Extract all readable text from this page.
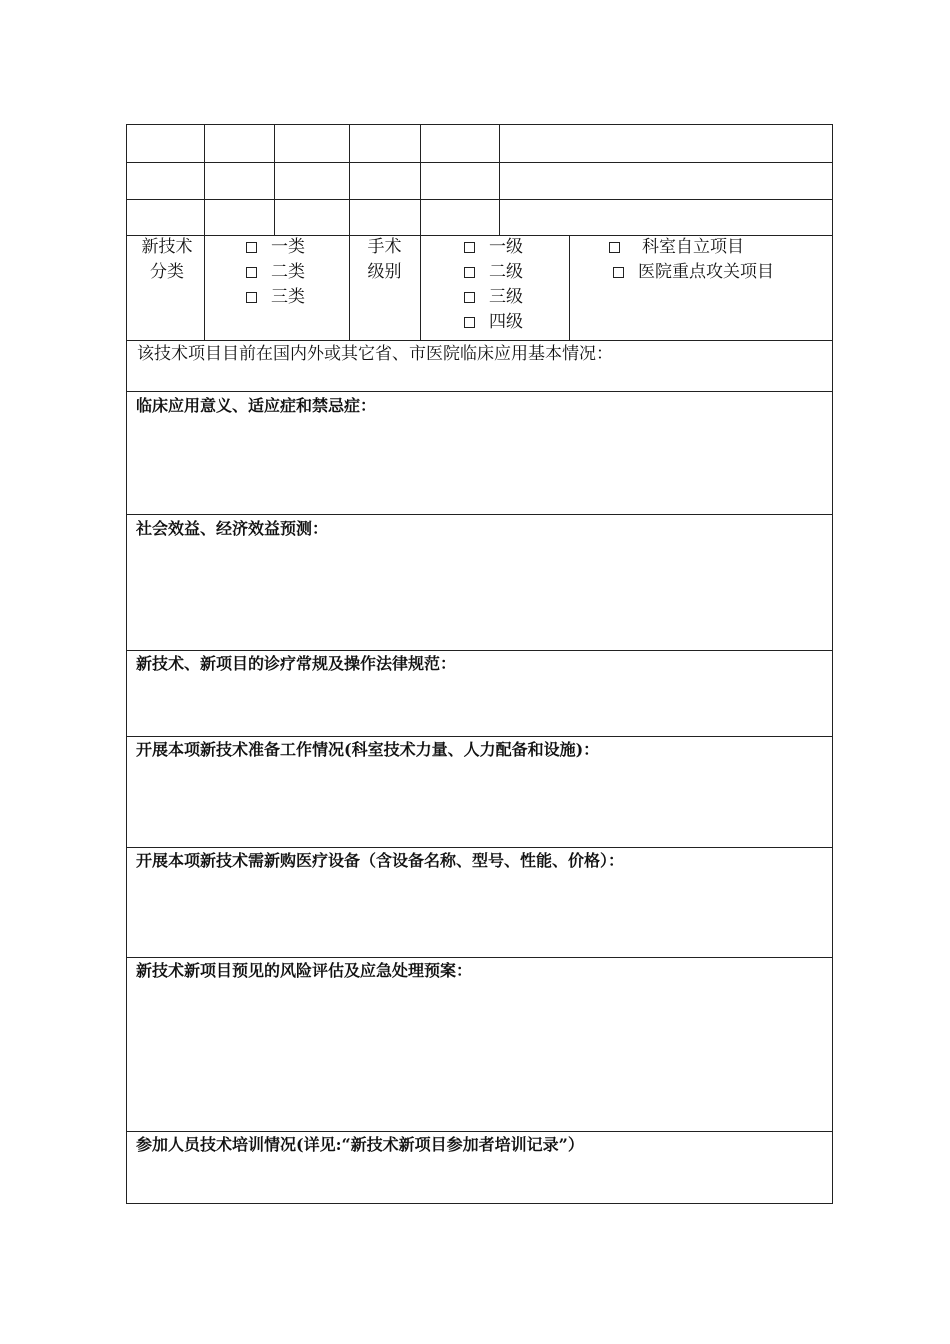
新技术
分类
一类
二类
三类
手术
级别
一级
二级
三级
四级
科室自立项目
医院重点攻关项目
该技术项目目前在国内外或其它省、市医院临床应用基本情况：
临床应用意义、适应症和禁忌症：
社会效益、经济效益预测：
新技术、新项目的诊疗常规及操作法律规范：
开展本项新技术准备工作情况(科室技术力量、人力配备和设施)：
开展本项新技术需新购医疗设备（含设备名称、型号、性能、价格）：
新技术新项目预见的风险评估及应急处理预案：
参加人员技术培训情况(详见:“新技术新项目参加者培训记录”）
